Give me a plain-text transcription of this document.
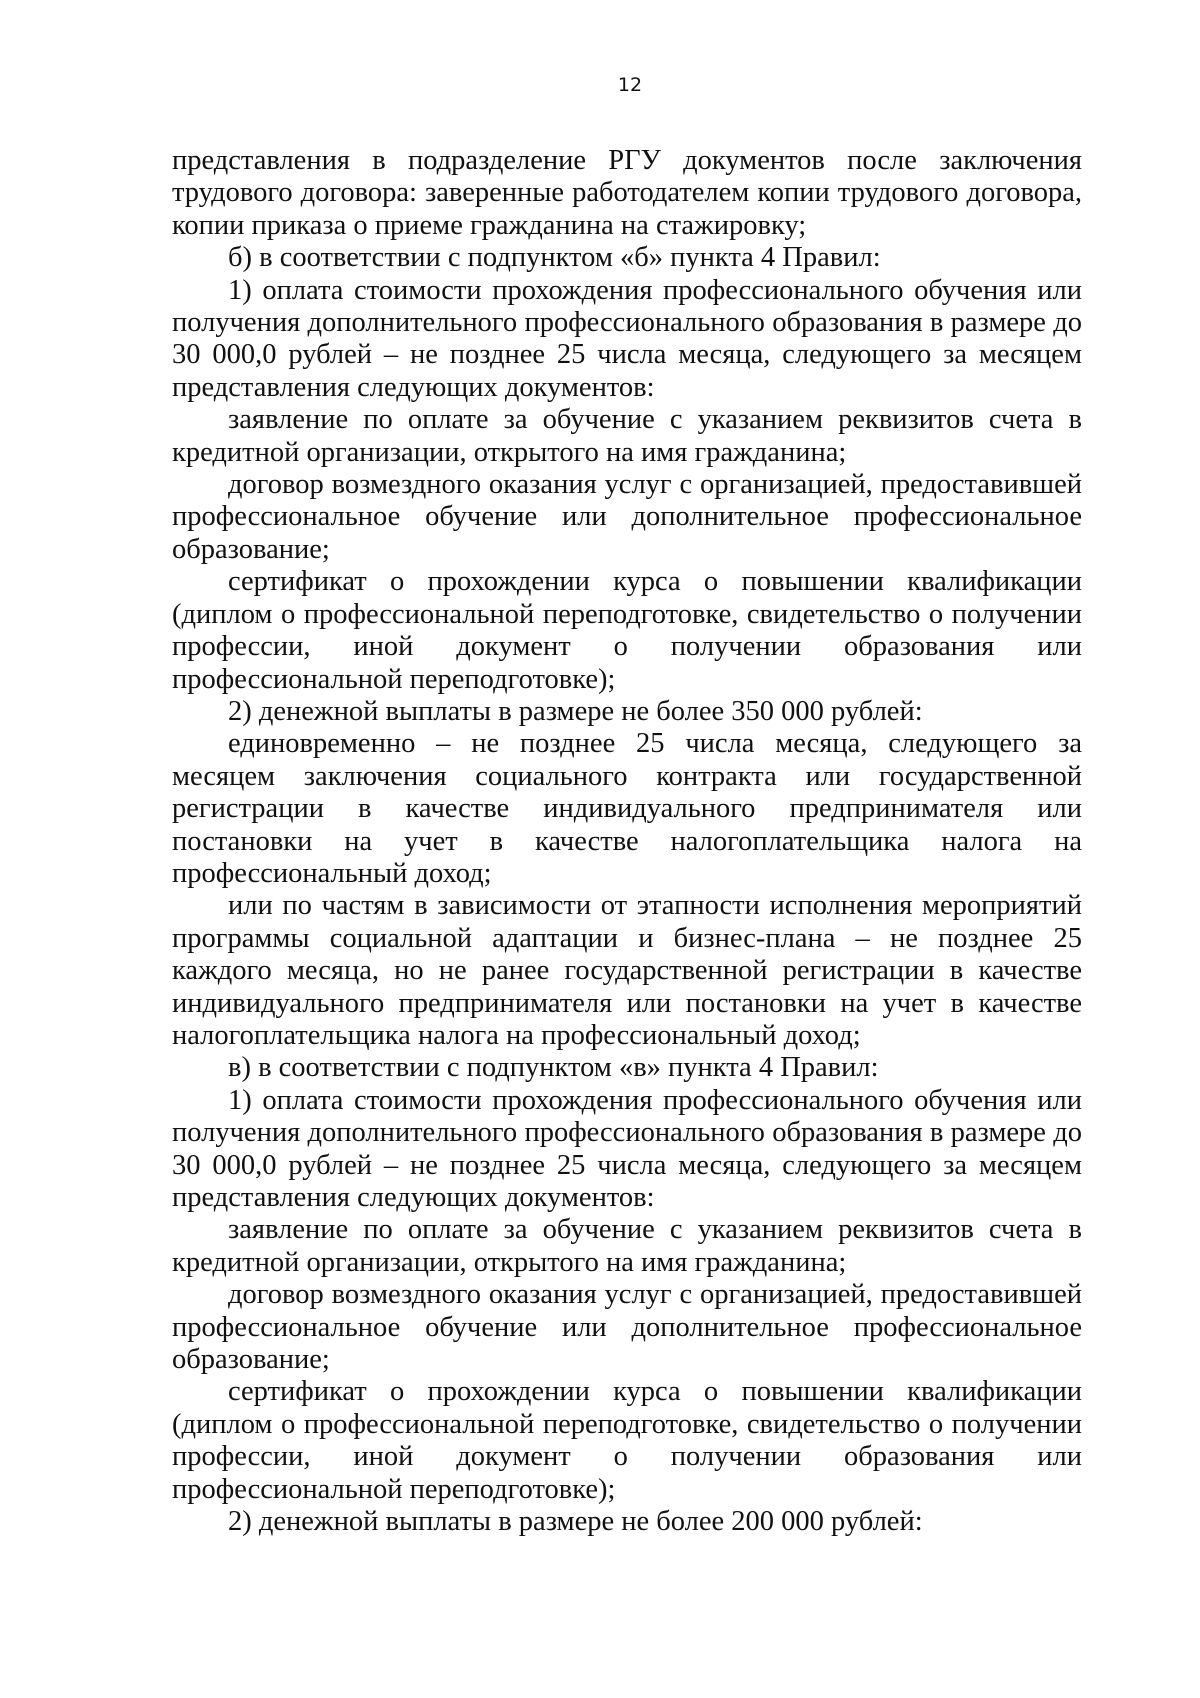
12

представления в подразделение РГУ документов после заключения трудового договора: заверенные работодателем копии трудового договора, копии приказа о приеме гражданина на стажировку;

б) в соответствии с подпунктом «б» пункта 4 Правил:

1) оплата стоимости прохождения профессионального обучения или получения дополнительного профессионального образования в размере до 30 000,0 рублей – не позднее 25 числа месяца, следующего за месяцем представления следующих документов:

заявление по оплате за обучение с указанием реквизитов счета в кредитной организации, открытого на имя гражданина;

договор возмездного оказания услуг с организацией, предоставившей профессиональное обучение или дополнительное профессиональное образование;

сертификат о прохождении курса о повышении квалификации (диплом о профессиональной переподготовке, свидетельство о получении профессии, иной документ о получении образования или профессиональной переподготовке);

2) денежной выплаты в размере не более 350 000 рублей:

единовременно – не позднее 25 числа месяца, следующего за месяцем заключения социального контракта или государственной регистрации в качестве индивидуального предпринимателя или постановки на учет в качестве налогоплательщика налога на профессиональный доход;

или по частям в зависимости от этапности исполнения мероприятий программы социальной адаптации и бизнес-плана – не позднее 25 каждого месяца, но не ранее государственной регистрации в качестве индивидуального предпринимателя или постановки на учет в качестве налогоплательщика налога на профессиональный доход;

в) в соответствии с подпунктом «в» пункта 4 Правил:

1) оплата стоимости прохождения профессионального обучения или получения дополнительного профессионального образования в размере до 30 000,0 рублей – не позднее 25 числа месяца, следующего за месяцем представления следующих документов:

заявление по оплате за обучение с указанием реквизитов счета в кредитной организации, открытого на имя гражданина;

договор возмездного оказания услуг с организацией, предоставившей профессиональное обучение или дополнительное профессиональное образование;

сертификат о прохождении курса о повышении квалификации (диплом о профессиональной переподготовке, свидетельство о получении профессии, иной документ о получении образования или профессиональной переподготовке);

2) денежной выплаты в размере не более 200 000 рублей:
